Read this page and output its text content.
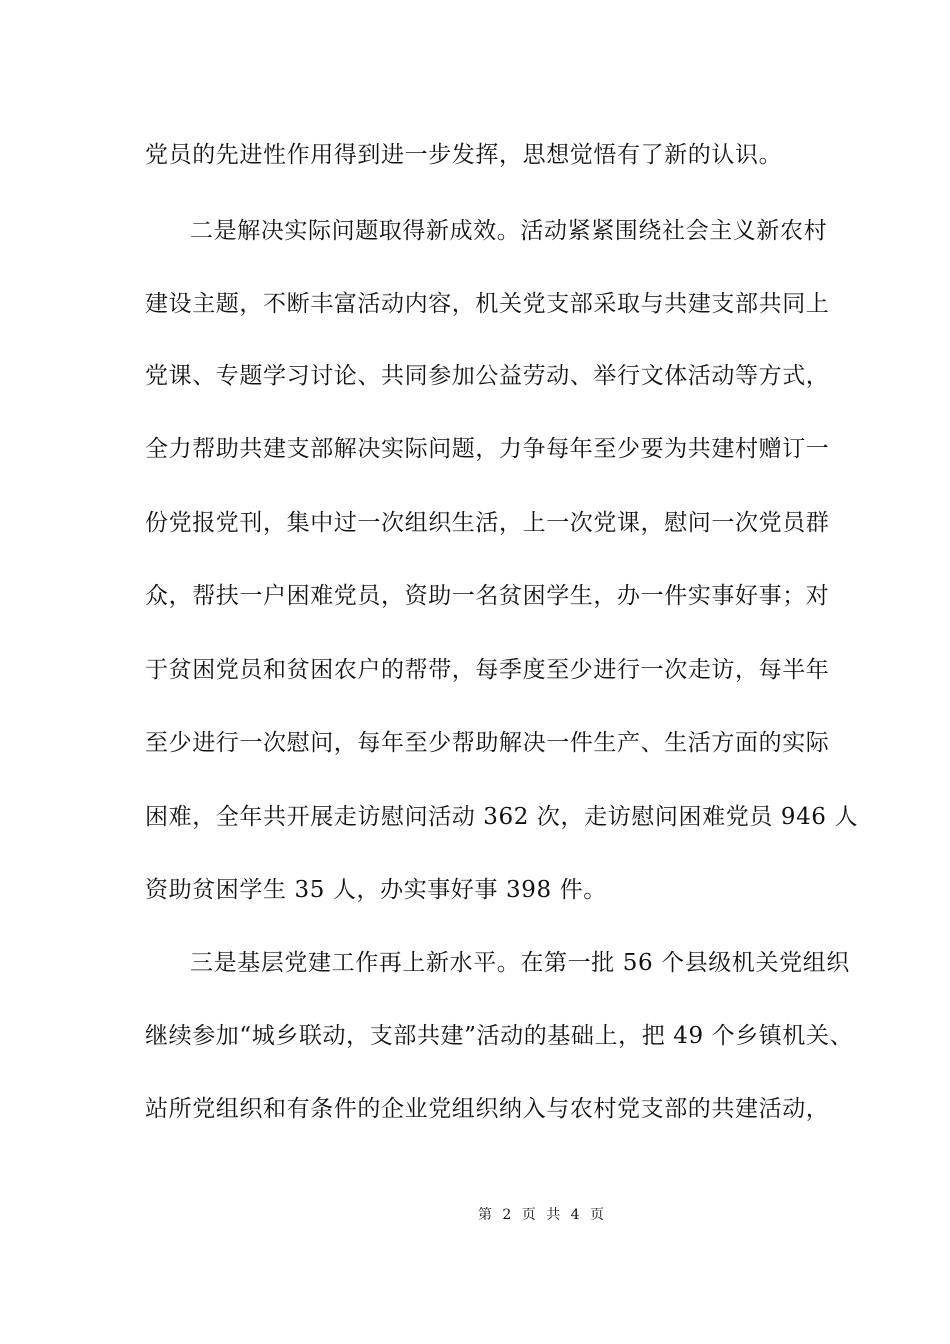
党员的先进性作用得到进一步发挥，思想觉悟有了新的认识。
二是解决实际问题取得新成效。活动紧紧围绕社会主义新农村
建设主题，不断丰富活动内容，机关党支部采取与共建支部共同上
党课、专题学习讨论、共同参加公益劳动、举行文体活动等方式，
全力帮助共建支部解决实际问题，力争每年至少要为共建村赠订一
份党报党刊，集中过一次组织生活，上一次党课，慰问一次党员群
众，帮扶一户困难党员，资助一名贫困学生，办一件实事好事；对
于贫困党员和贫困农户的帮带，每季度至少进行一次走访，每半年
至少进行一次慰问，每年至少帮助解决一件生产、生活方面的实际
困难，全年共开展走访慰问活动 362 次，走访慰问困难党员 946 人
资助贫困学生 35 人，办实事好事 398 件。
三是基层党建工作再上新水平。在第一批 56 个县级机关党组织
继续参加“城乡联动，支部共建”活动的基础上，把 49 个乡镇机关、
站所党组织和有条件的企业党组织纳入与农村党支部的共建活动，
第 2 页 共 4 页
